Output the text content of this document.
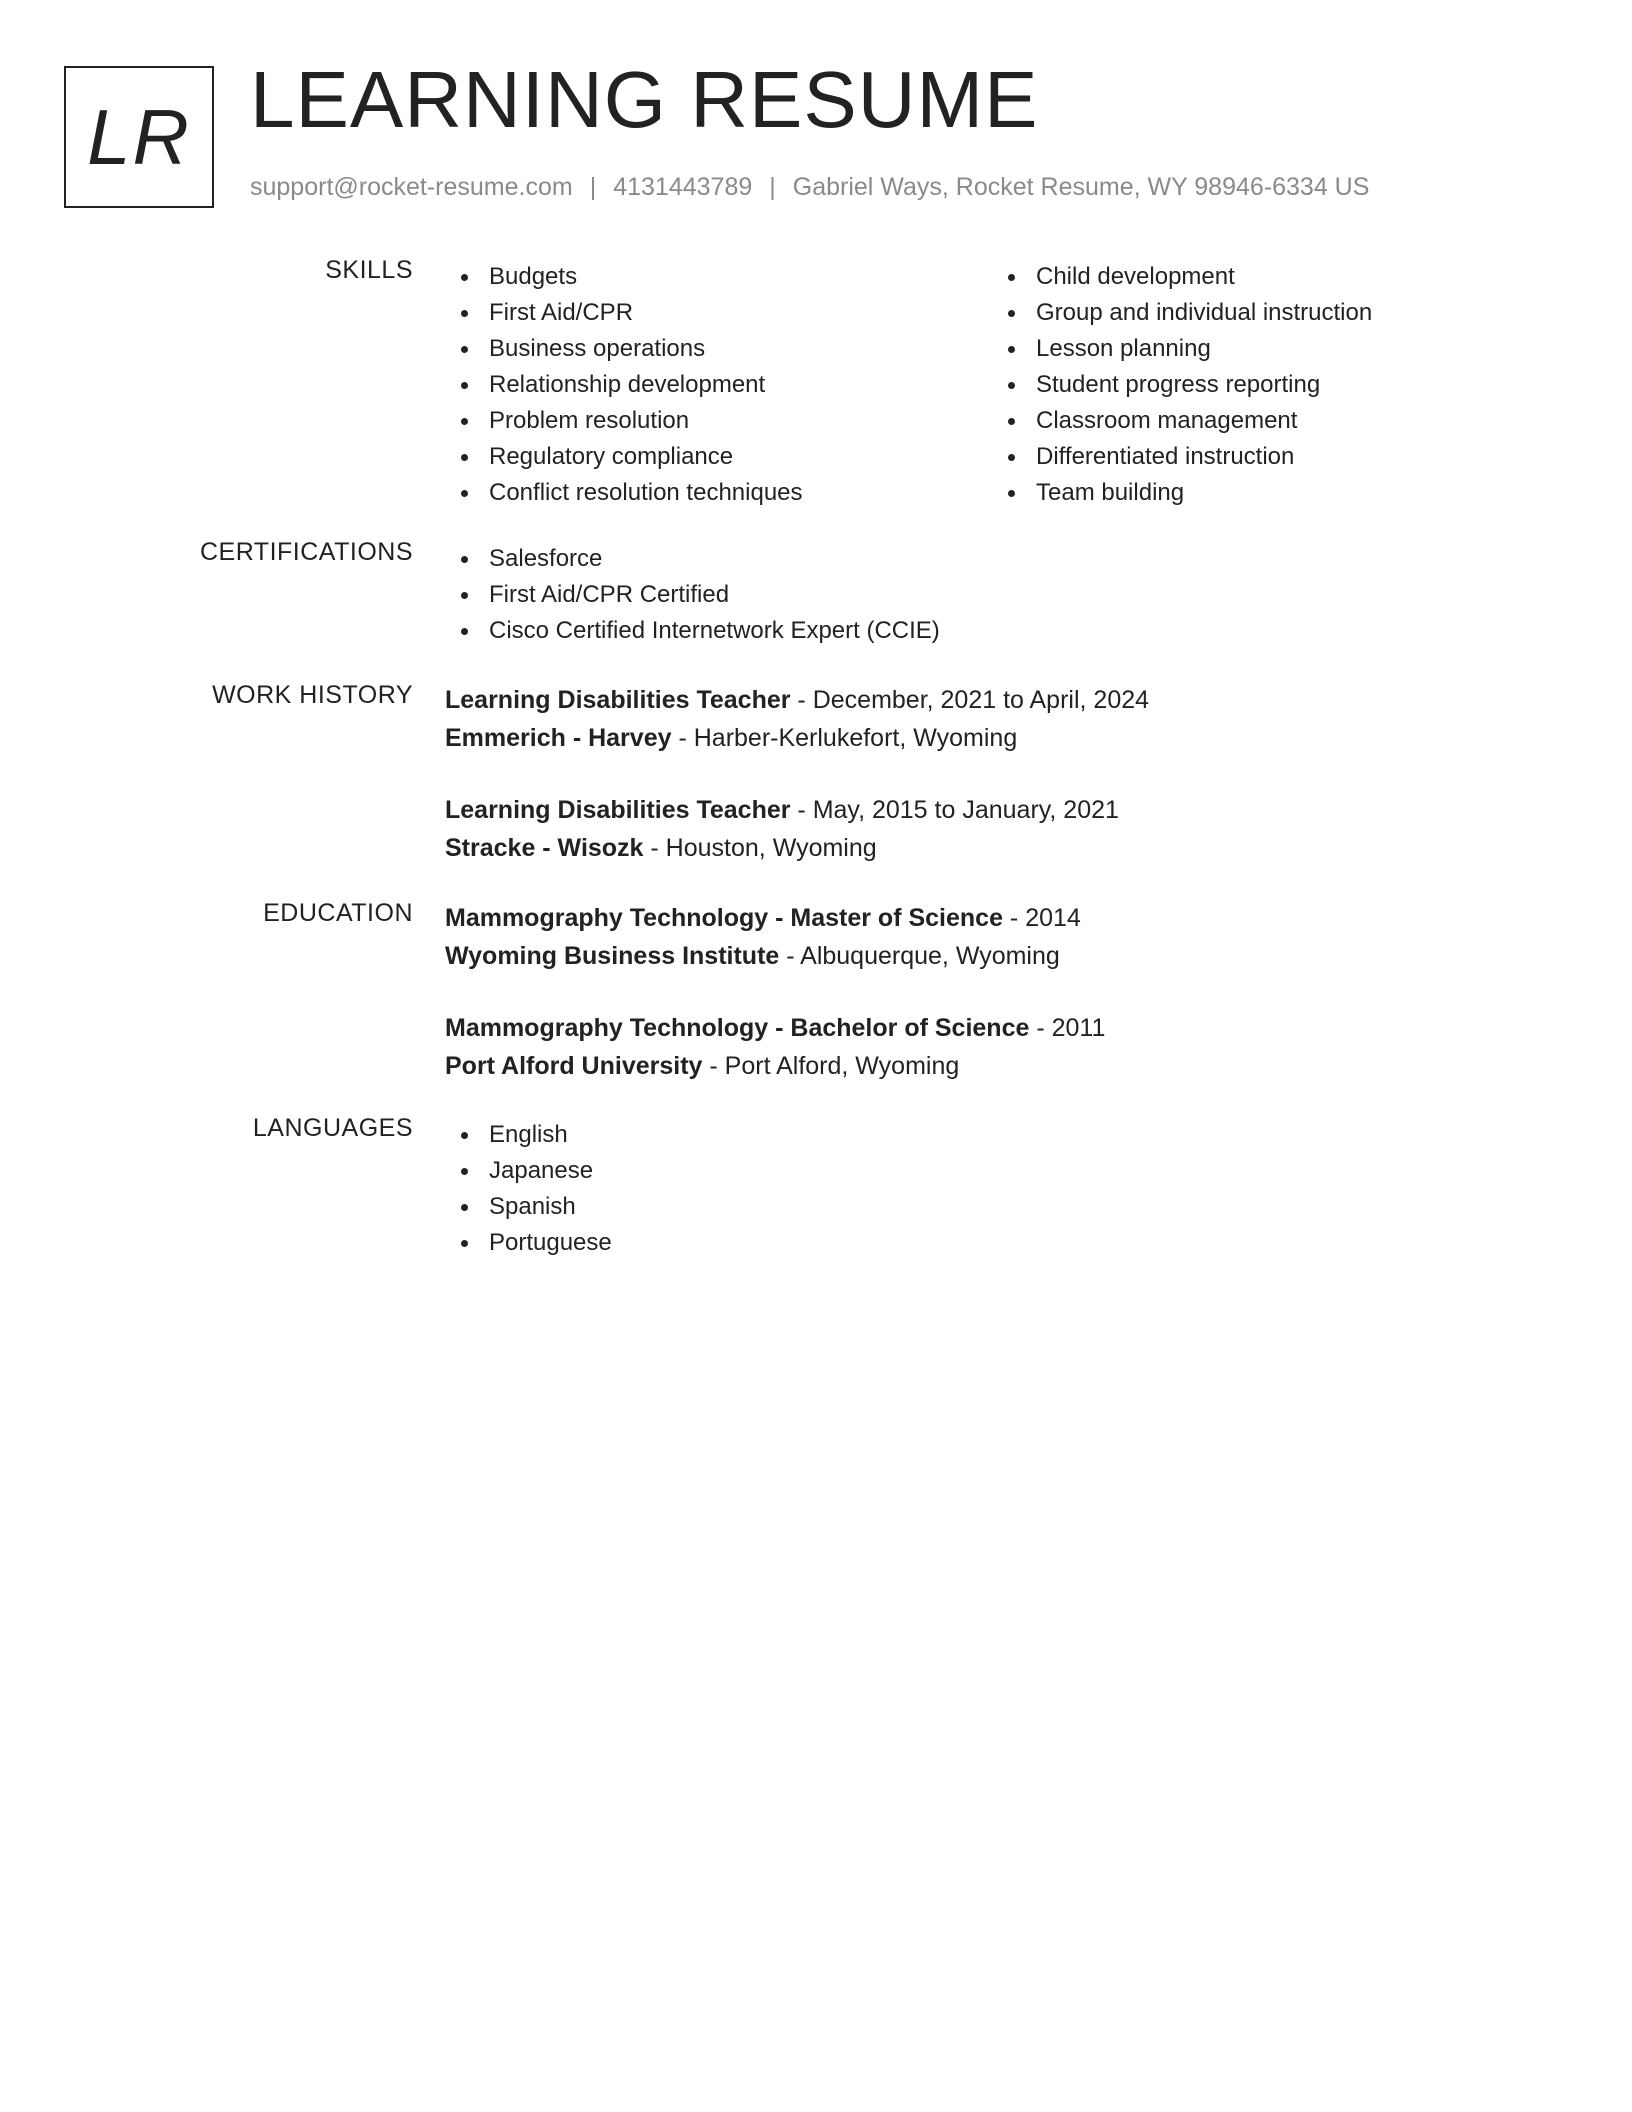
LR LEARNING RESUME
support@rocket-resume.com | 4131443789 | Gabriel Ways, Rocket Resume, WY 98946-6334 US
SKILLS	Budgets
First Aid/CPR
Business operations
Relationship development
Problem resolution
Regulatory compliance
Conflict resolution techniques
Child development
Group and individual instruction
Lesson planning
Student progress reporting
Classroom management
Differentiated instruction
Team building
CERTIFICATIONS	Salesforce
First Aid/CPR Certified
Cisco Certified Internetwork Expert (CCIE)
WORK HISTORY Learning Disabilities Teacher - December, 2021 to April, 2024
Emmerich - Harvey - Harber-Kerlukefort, Wyoming
Learning Disabilities Teacher - May, 2015 to January, 2021
Stracke - Wisozk - Houston, Wyoming
EDUCATION Mammography Technology - Master of Science - 2014
Wyoming Business Institute - Albuquerque, Wyoming
Mammography Technology - Bachelor of Science - 2011
Port Alford University - Port Alford, Wyoming
LANGUAGES	English
Japanese
Spanish
Portuguese
